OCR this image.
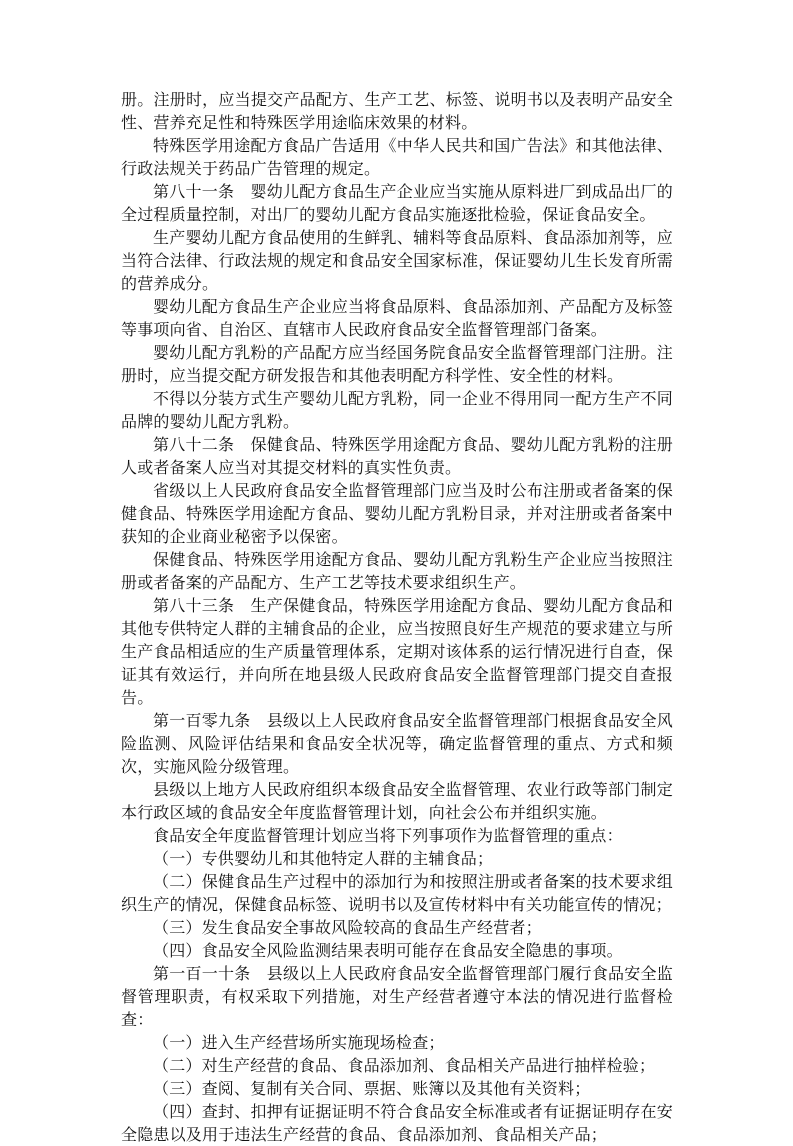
册。注册时，应当提交产品配方、生产工艺、标签、说明书以及表明产品安全性、营养充足性和特殊医学用途临床效果的材料。

特殊医学用途配方食品广告适用《中华人民共和国广告法》和其他法律、行政法规关于药品广告管理的规定。

第八十一条　婴幼儿配方食品生产企业应当实施从原料进厂到成品出厂的全过程质量控制，对出厂的婴幼儿配方食品实施逐批检验，保证食品安全。

生产婴幼儿配方食品使用的生鲜乳、辅料等食品原料、食品添加剂等，应当符合法律、行政法规的规定和食品安全国家标准，保证婴幼儿生长发育所需的营养成分。

婴幼儿配方食品生产企业应当将食品原料、食品添加剂、产品配方及标签等事项向省、自治区、直辖市人民政府食品安全监督管理部门备案。

婴幼儿配方乳粉的产品配方应当经国务院食品安全监督管理部门注册。注册时，应当提交配方研发报告和其他表明配方科学性、安全性的材料。

不得以分装方式生产婴幼儿配方乳粉，同一企业不得用同一配方生产不同品牌的婴幼儿配方乳粉。

第八十二条　保健食品、特殊医学用途配方食品、婴幼儿配方乳粉的注册人或者备案人应当对其提交材料的真实性负责。

省级以上人民政府食品安全监督管理部门应当及时公布注册或者备案的保健食品、特殊医学用途配方食品、婴幼儿配方乳粉目录，并对注册或者备案中获知的企业商业秘密予以保密。

保健食品、特殊医学用途配方食品、婴幼儿配方乳粉生产企业应当按照注册或者备案的产品配方、生产工艺等技术要求组织生产。

第八十三条　生产保健食品，特殊医学用途配方食品、婴幼儿配方食品和其他专供特定人群的主辅食品的企业，应当按照良好生产规范的要求建立与所生产食品相适应的生产质量管理体系，定期对该体系的运行情况进行自查，保证其有效运行，并向所在地县级人民政府食品安全监督管理部门提交自查报告。

第一百零九条　县级以上人民政府食品安全监督管理部门根据食品安全风险监测、风险评估结果和食品安全状况等，确定监督管理的重点、方式和频次，实施风险分级管理。

县级以上地方人民政府组织本级食品安全监督管理、农业行政等部门制定本行政区域的食品安全年度监督管理计划，向社会公布并组织实施。

食品安全年度监督管理计划应当将下列事项作为监督管理的重点：

（一）专供婴幼儿和其他特定人群的主辅食品；

（二）保健食品生产过程中的添加行为和按照注册或者备案的技术要求组织生产的情况，保健食品标签、说明书以及宣传材料中有关功能宣传的情况；

（三）发生食品安全事故风险较高的食品生产经营者；

（四）食品安全风险监测结果表明可能存在食品安全隐患的事项。

第一百一十条　县级以上人民政府食品安全监督管理部门履行食品安全监督管理职责，有权采取下列措施，对生产经营者遵守本法的情况进行监督检查：

（一）进入生产经营场所实施现场检查；

（二）对生产经营的食品、食品添加剂、食品相关产品进行抽样检验；

（三）查阅、复制有关合同、票据、账簿以及其他有关资料；

（四）查封、扣押有证据证明不符合食品安全标准或者有证据证明存在安全隐患以及用于违法生产经营的食品、食品添加剂、食品相关产品；
